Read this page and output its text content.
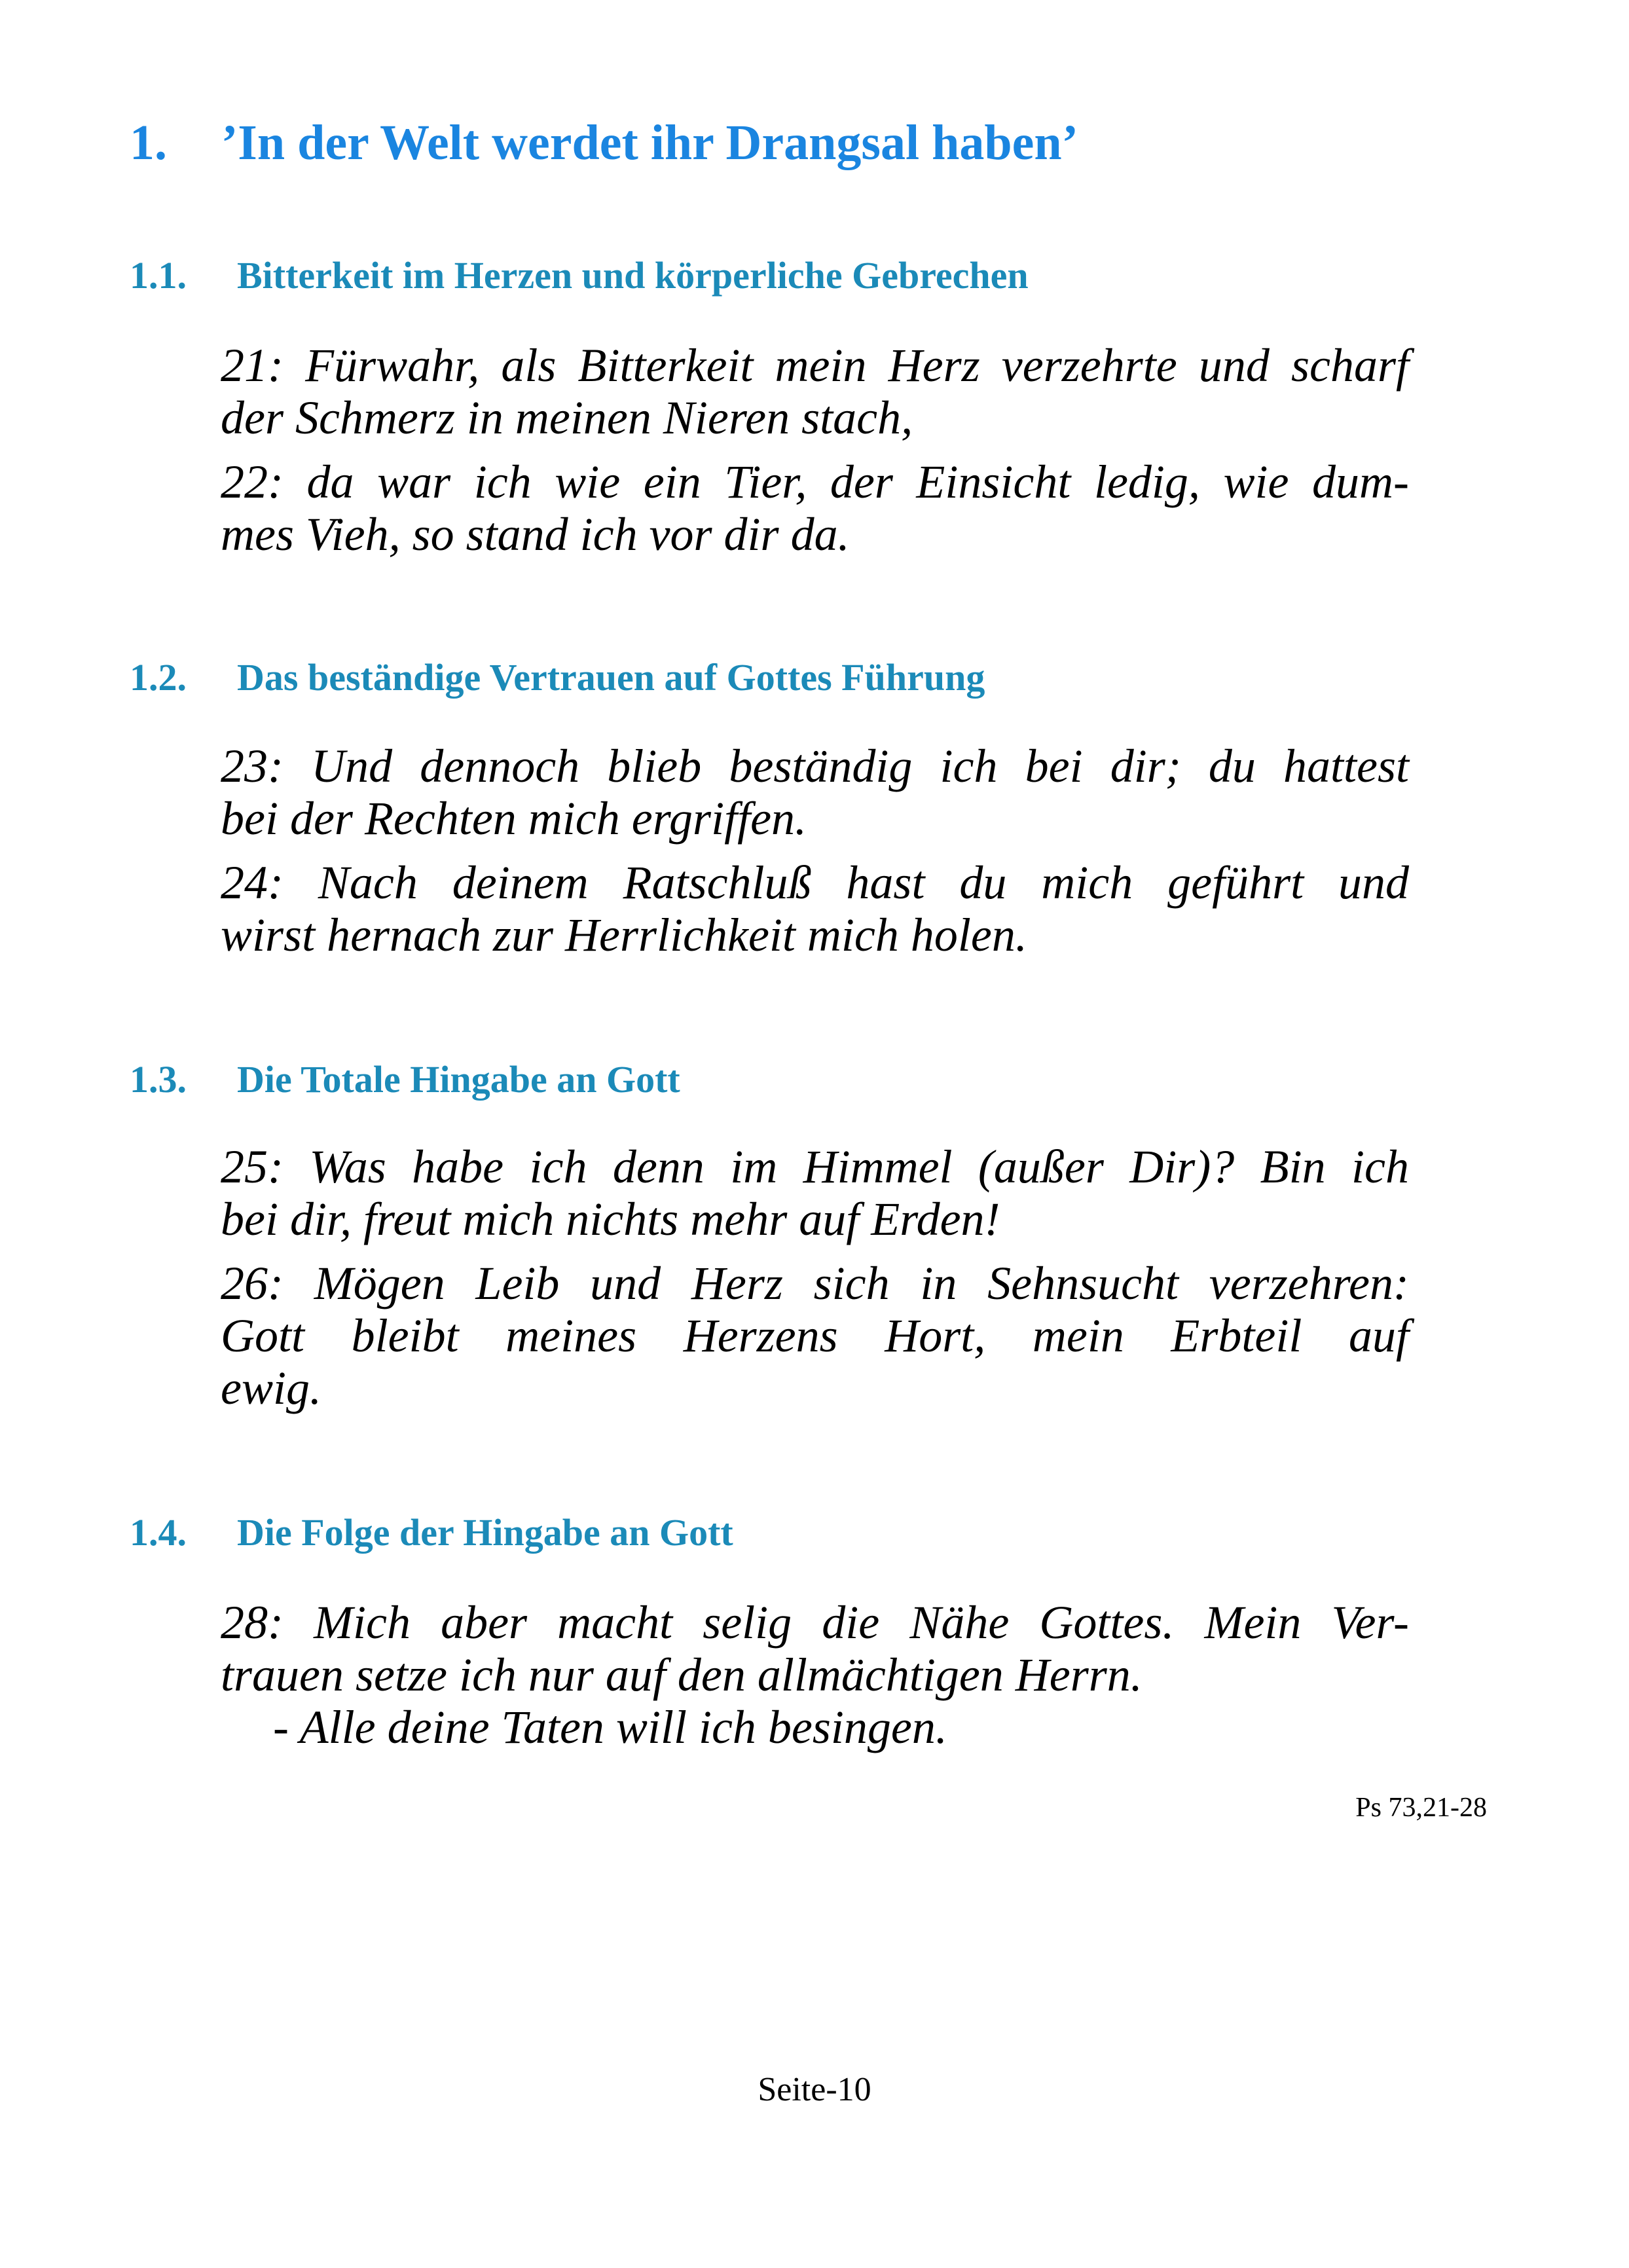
1. ’In der Welt werdet ihr Drangsal haben’
1.1. Bitterkeit im Herzen und körperliche Gebrechen

21: Fürwahr, als Bitterkeit mein Herz verzehrte und scharf
der Schmerz in meinen Nieren stach,

22: da war ich wie ein Tier, der Einsicht ledig, wie dum-
mes Vieh, so stand ich vor dir da.

1.2. Das beständige Vertrauen auf Gottes Führung

23: Und dennoch blieb beständig ich bei dir; du hattest
bei der Rechten mich ergriffen.

24: Nach deinem Ratschluß hast du mich geführt und
wirst hernach zur Herrlichkeit mich holen.

1.3. Die Totale Hingabe an Gott

25: Was habe ich denn im Himmel (außer Dir)? Bin ich
bei dir, freut mich nichts mehr auf Erden!

26: Mögen Leib und Herz sich in Sehnsucht verzehren:
Gott bleibt meines Herzens Hort, mein Erbteil auf
ewig.

1.4. Die Folge der Hingabe an Gott

28: Mich aber macht selig die Nähe Gottes. Mein Ver-
trauen setze ich nur auf den allmächtigen Herrn.

- Alle deine Taten will ich besingen.

Ps 73,21-28
Seite-10
